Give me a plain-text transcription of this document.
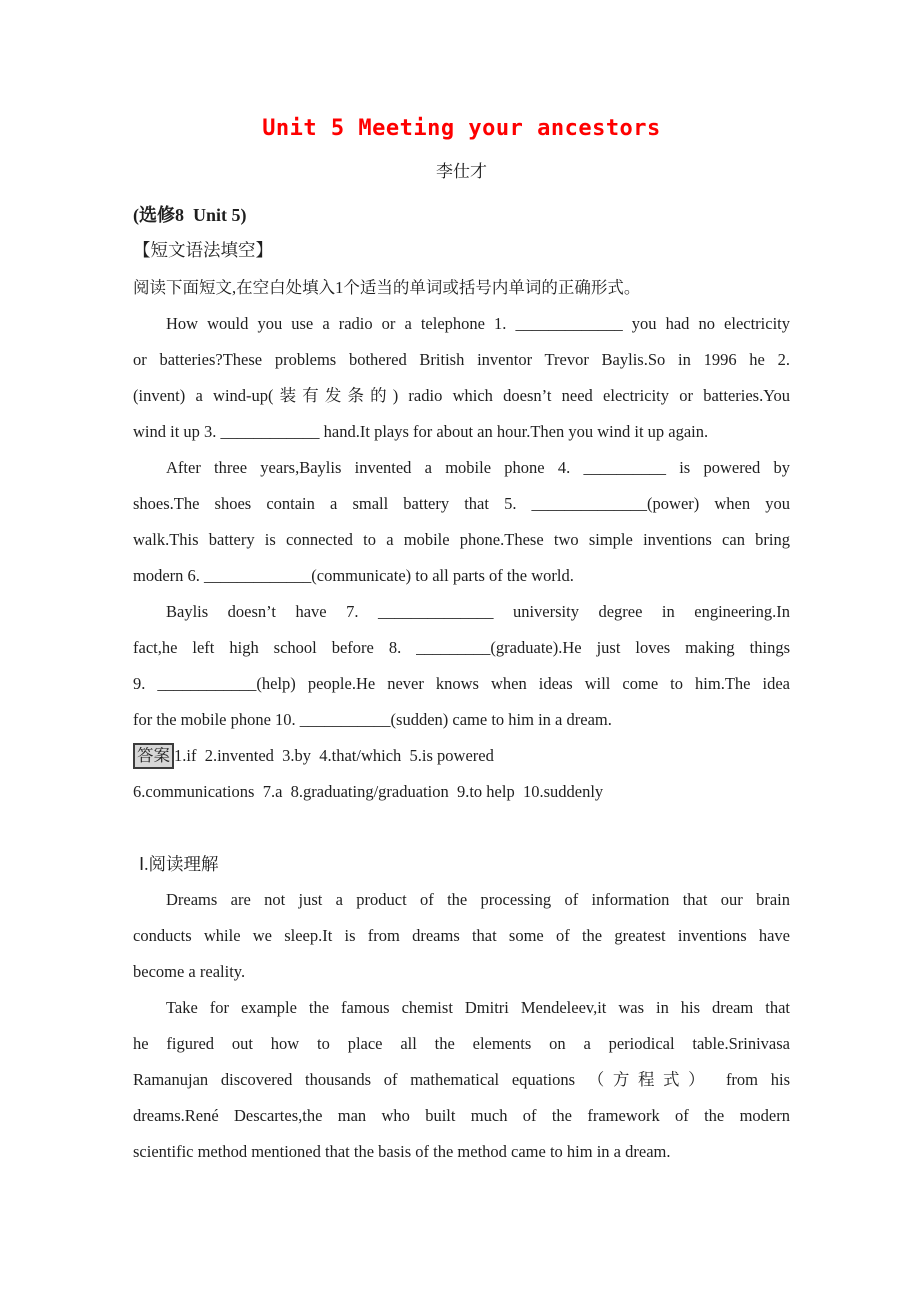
Unit 5 Meeting your ancestors
李仕才
(选修8  Unit 5)
【短文语法填空】
阅读下面短文,在空白处填入1个适当的单词或括号内单词的正确形式。
How would you use a radio or a telephone 1. _____________ you had no electricity
or batteries?These problems bothered British inventor Trevor Baylis.So in 1996 he 2.
(invent) a wind-up(装有发条的) radio which doesn’t need electricity or batteries.You
wind it up 3. ____________ hand.It plays for about an hour.Then you wind it up again.
After three years,Baylis invented a mobile phone 4. __________ is powered by
shoes.The shoes contain a small battery that 5. ______________(power) when you
walk.This battery is connected to a mobile phone.These two simple inventions can bring
modern 6. _____________(communicate) to all parts of the world.
Baylis doesn’t have 7. ______________ university degree in engineering.In
fact,he left high school before 8. _________(graduate).He just loves making things
9. ____________(help) people.He never knows when ideas will come to him.The idea
for the mobile phone 10. ___________(sudden) came to him in a dream.
答案 1.if  2.invented  3.by  4.that/which  5.is powered
6.communications  7.a  8.graduating/graduation  9.to help  10.suddenly
Ⅰ.阅读理解
Dreams are not just a product of the processing of information that our brain
conducts while we sleep.It is from dreams that some of the greatest inventions have
become a reality.
Take for example the famous chemist Dmitri Mendeleev,it was in his dream that
he figured out how to place all the elements on a periodical table.Srinivasa
Ramanujan discovered thousands of mathematical equations （方程式） from his
dreams.René Descartes,the man who built much of the framework of the modern
scientific method mentioned that the basis of the method came to him in a dream.
